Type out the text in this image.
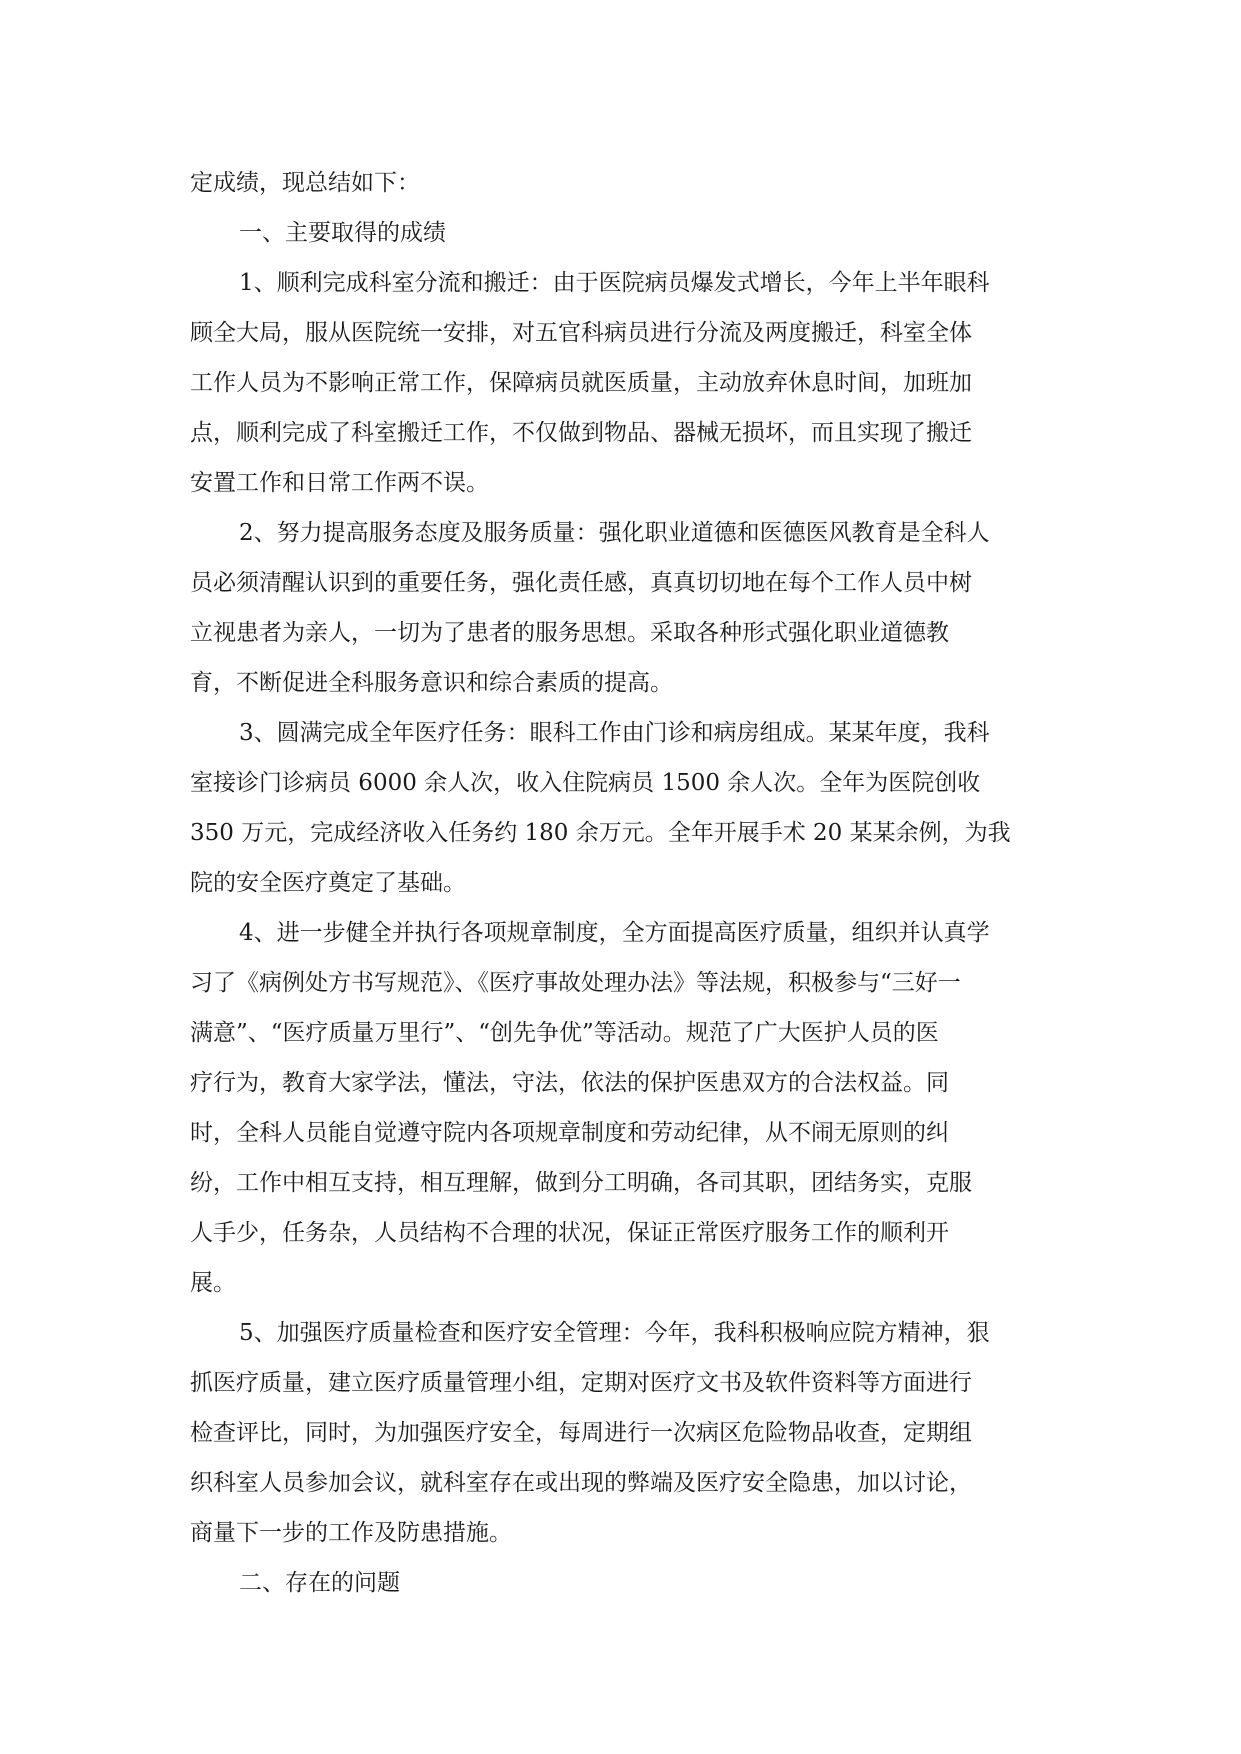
定成绩，现总结如下：
一、主要取得的成绩
1、顺利完成科室分流和搬迁：由于医院病员爆发式增长，今年上半年眼科
顾全大局，服从医院统一安排，对五官科病员进行分流及两度搬迁，科室全体
工作人员为不影响正常工作，保障病员就医质量，主动放弃休息时间，加班加
点，顺利完成了科室搬迁工作，不仅做到物品、器械无损坏，而且实现了搬迁
安置工作和日常工作两不误。
2、努力提高服务态度及服务质量：强化职业道德和医德医风教育是全科人
员必须清醒认识到的重要任务，强化责任感，真真切切地在每个工作人员中树
立视患者为亲人，一切为了患者的服务思想。采取各种形式强化职业道德教
育，不断促进全科服务意识和综合素质的提高。
3、圆满完成全年医疗任务：眼科工作由门诊和病房组成。某某年度，我科
室接诊门诊病员 6000 余人次，收入住院病员 1500 余人次。全年为医院创收
350 万元，完成经济收入任务约 180 余万元。全年开展手术 20 某某余例，为我
院的安全医疗奠定了基础。
4、进一步健全并执行各项规章制度，全方面提高医疗质量，组织并认真学
习了《病例处方书写规范》、《医疗事故处理办法》等法规，积极参与“三好一
满意”、“医疗质量万里行”、“创先争优”等活动。规范了广大医护人员的医
疗行为，教育大家学法，懂法，守法，依法的保护医患双方的合法权益。同
时，全科人员能自觉遵守院内各项规章制度和劳动纪律，从不闹无原则的纠
纷，工作中相互支持，相互理解，做到分工明确，各司其职，团结务实，克服
人手少，任务杂，人员结构不合理的状况，保证正常医疗服务工作的顺利开
展。
5、加强医疗质量检查和医疗安全管理：今年，我科积极响应院方精神，狠
抓医疗质量，建立医疗质量管理小组，定期对医疗文书及软件资料等方面进行
检查评比，同时，为加强医疗安全，每周进行一次病区危险物品收查，定期组
织科室人员参加会议，就科室存在或出现的弊端及医疗安全隐患，加以讨论，
商量下一步的工作及防患措施。
二、存在的问题
